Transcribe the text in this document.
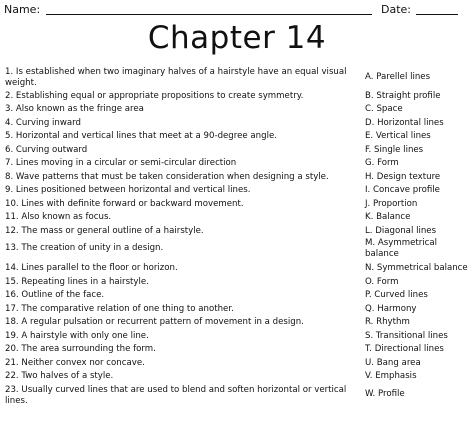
Name:	Date:
Chapter 14
1. Is established when two imaginary halves of a hairstyle have an equal visual weight.
2. Establishing equal or appropriate propositions to create symmetry.
3. Also known as the fringe area
4. Curving inward
5. Horizontal and vertical lines that meet at a 90-degree angle.
6. Curving outward
7. Lines moving in a circular or semi-circular direction
8. Wave patterns that must be taken consideration when designing a style.
9. Lines positioned between horizontal and vertical lines.
10. Lines with definite forward or backward movement.
11. Also known as focus.
12. The mass or general outline of a hairstyle.
13. The creation of unity in a design.
14. Lines parallel to the floor or horizon.
15. Repeating lines in a hairstyle.
16. Outline of the face.
17. The comparative relation of one thing to another.
18. A regular pulsation or recurrent pattern of movement in a design.
19. A hairstyle with only one line.
20. The area surrounding the form.
21. Neither convex nor concave.
22. Two halves of a style.
23. Usually curved lines that are used to blend and soften horizontal or vertical lines.
A. Parellel lines
B. Straight profile
C. Space
D. Horizontal lines
E. Vertical lines
F. Single lines
G. Form
H. Design texture
I. Concave profile
J. Proportion
K. Balance
L. Diagonal lines
M. Asymmetrical balance
N. Symmetrical balance
O. Form
P. Curved lines
Q. Harmony
R. Rhythm
S. Transitional lines
T. Directional lines
U. Bang area
V. Emphasis
W. Profile
